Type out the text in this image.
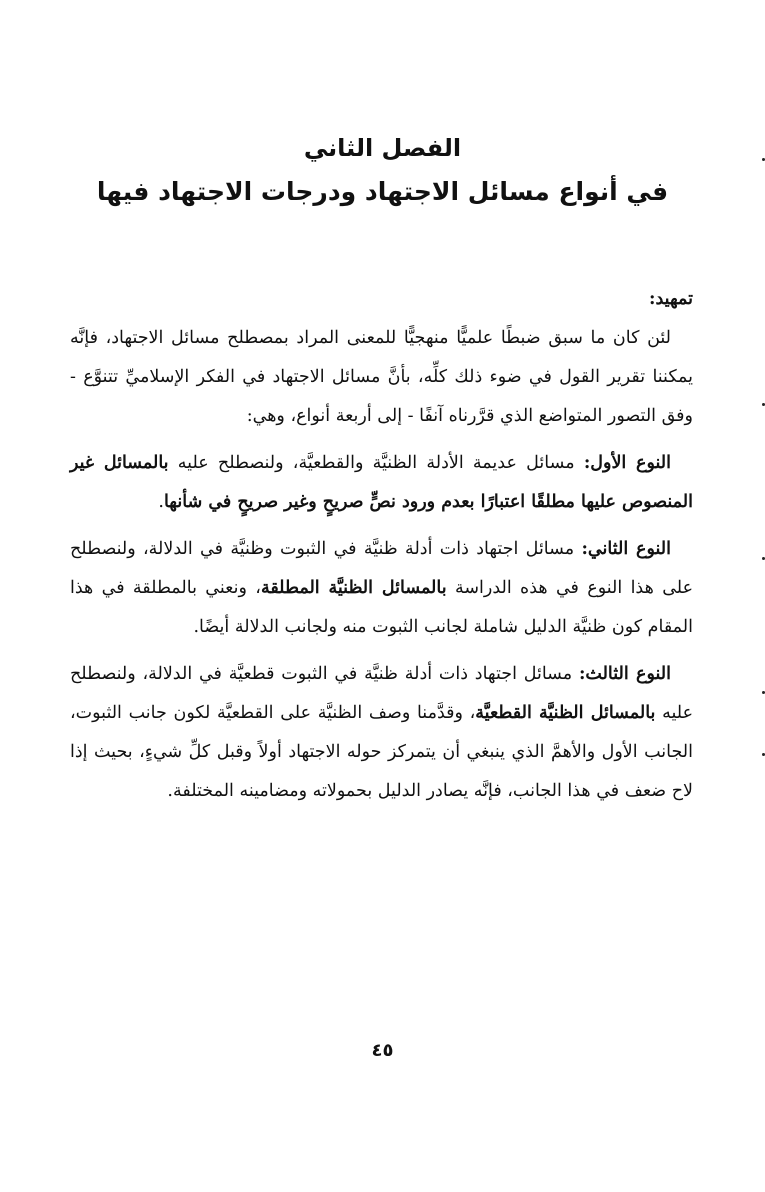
الفصل الثاني
في أنواع مسائل الاجتهاد ودرجات الاجتهاد فيها

تمهيد:

لئن كان ما سبق ضبطًا علميًّا منهجيًّا للمعنى المراد بمصطلح مسائل الاجتهاد، فإنَّه يمكننا تقرير القول في ضوء ذلك كلِّه، بأنَّ مسائل الاجتهاد في الفكر الإسلاميِّ تتنوَّع - وفق التصور المتواضع الذي قرَّرناه آنفًا - إلى أربعة أنواع، وهي:

النوع الأول: مسائل عديمة الأدلة الظنيَّة والقطعيَّة، ولنصطلح عليه بالمسائل غير المنصوص عليها مطلقًا اعتبارًا بعدم ورود نصٍّ صريحٍ وغير صريحٍ في شأنها.

النوع الثاني: مسائل اجتهاد ذات أدلة ظنيَّة في الثبوت وظنيَّة في الدلالة، ولنصطلح على هذا النوع في هذه الدراسة بالمسائل الظنيَّة المطلقة، ونعني بالمطلقة في هذا المقام كون ظنيَّة الدليل شاملة لجانب الثبوت منه ولجانب الدلالة أيضًا.

النوع الثالث: مسائل اجتهاد ذات أدلة ظنيَّة في الثبوت قطعيَّة في الدلالة، ولنصطلح عليه بالمسائل الظنيَّة القطعيَّة، وقدَّمنا وصف الظنيَّة على القطعيَّة لكون جانب الثبوت، الجانب الأول والأهمَّ الذي ينبغي أن يتمركز حوله الاجتهاد أولاً وقبل كلِّ شيءٍ، بحيث إذا لاح ضعف في هذا الجانب، فإنَّه يصادر الدليل بحمولاته ومضامينه المختلفة.

٤٥
